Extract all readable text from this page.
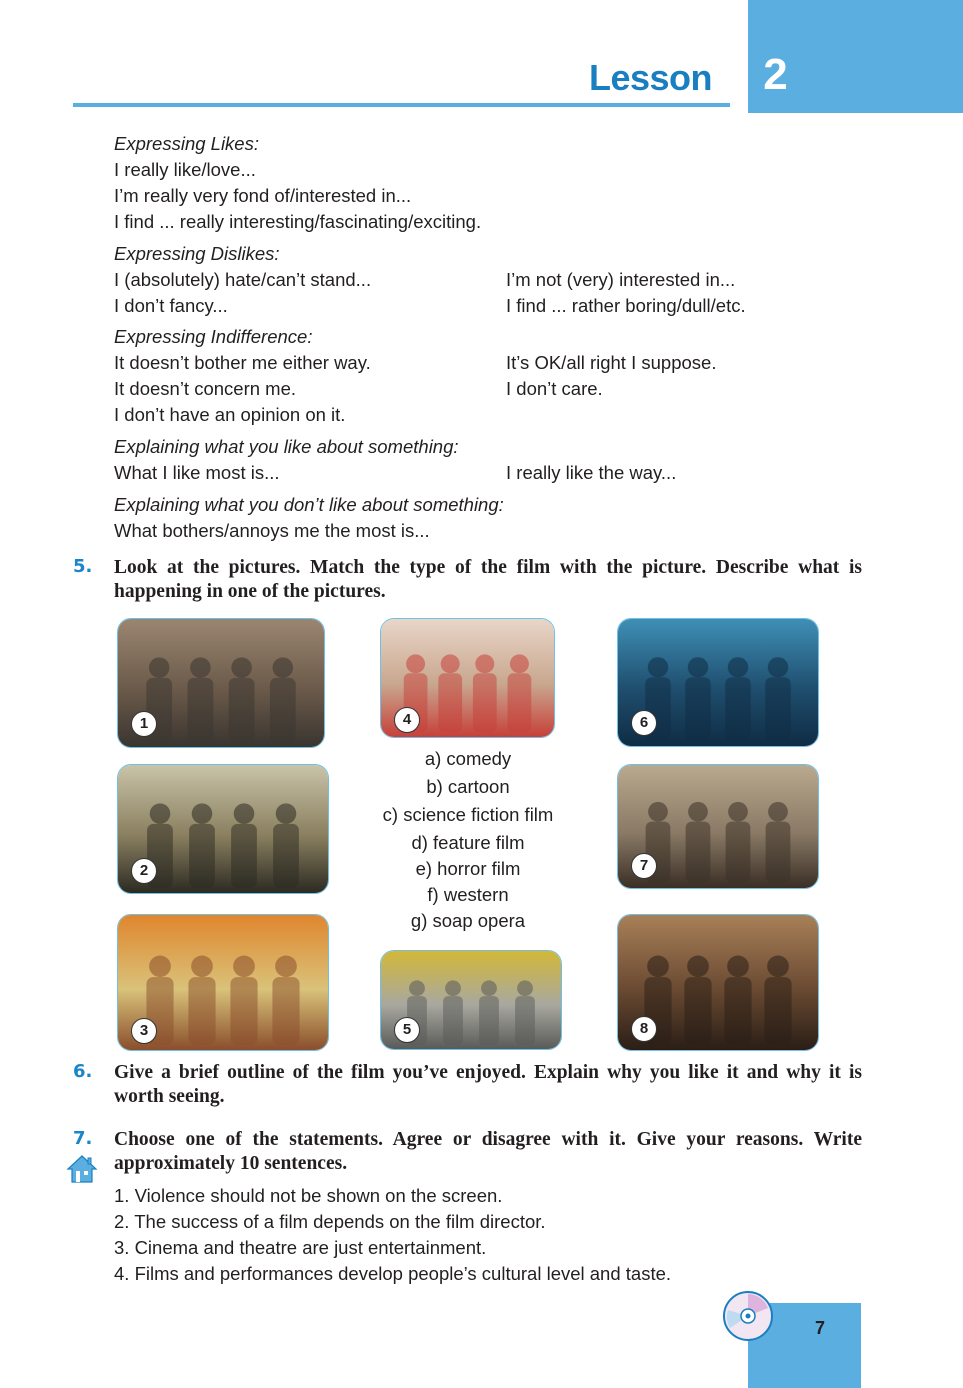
2
Lesson
Expressing Likes:
I really like/love...
I’m really very fond of/interested in...
I find ... really interesting/fascinating/exciting.
Expressing Dislikes:
I (absolutely) hate/can’t stand...
I don’t fancy...
I’m not (very) interested in...
I find ... rather boring/dull/etc.
Expressing Indifference:
It doesn’t bother me either way.
It doesn’t concern me.
I don’t have an opinion on it.
It’s OK/all right I suppose.
I don’t care.
Explaining what you like about something:
What I like most is...	I really like the way...
Explaining what you don’t like about something:
What bothers/annoys me the most is...
5. Look at the pictures. Match the type of the film with the picture. Describe what is happening in one of the pictures.
1
2
3
4
5
6
7
8
a) comedy
b) cartoon
c) science fiction film
d) feature film
e) horror film
f) western
g) soap opera
6. Give a brief outline of the film you’ve enjoyed. Explain why you like it and why it is worth seeing.
7. Choose one of the statements. Agree or disagree with it. Give your reasons. Write approximately 10 sentences.
1. Violence should not be shown on the screen.
2. The success of a film depends on the film director.
3. Cinema and theatre are just entertainment.
4. Films and performances develop people’s cultural level and taste.
7
